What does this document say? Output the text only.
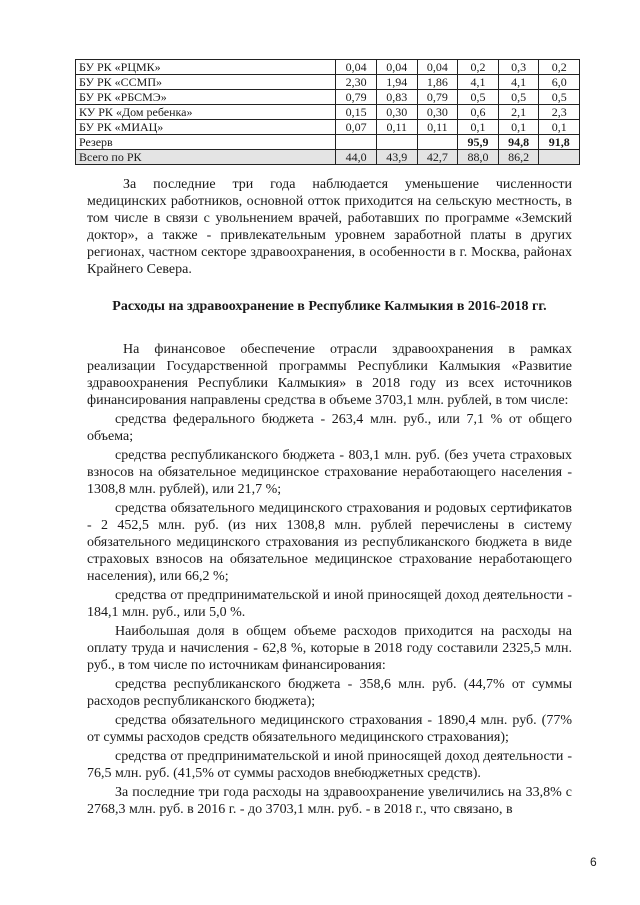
БУ РК «РЦМК»	0,04	0,04	0,04	0,2	0,3	0,2
БУ РК «ССМП»	2,30	1,94	1,86	4,1	4,1	6,0
БУ РК «РБСМЭ»	0,79	0,83	0,79	0,5	0,5	0,5
КУ РК «Дом ребенка»	0,15	0,30	0,30	0,6	2,1	2,3
БУ РК «МИАЦ»	0,07	0,11	0,11	0,1	0,1	0,1
Резерв				95,9	94,8	91,8
Всего по РК	44,0	43,9	42,7	88,0	86,2	

За последние три года наблюдается уменьшение численности медицинских работников, основной отток приходится на сельскую местность, в том числе в связи с увольнением врачей, работавших по программе «Земский доктор», а также - привлекательным уровнем заработной платы в других регионах, частном секторе здравоохранения, в особенности в г. Москва, районах Крайнего Севера.

Расходы на здравоохранение в Республике Калмыкия в 2016-2018 гг.

На финансовое обеспечение отрасли здравоохранения в рамках реализации Государственной программы Республики Калмыкия «Развитие здравоохранения Республики Калмыкия» в 2018 году из всех источников финансирования направлены средства в объеме 3703,1 млн. рублей, в том числе:

средства федерального бюджета - 263,4 млн. руб., или 7,1 % от общего объема;

средства республиканского бюджета - 803,1 млн. руб. (без учета страховых взносов на обязательное медицинское страхование неработающего населения - 1308,8 млн. рублей), или 21,7 %;

средства обязательного медицинского страхования и родовых сертификатов - 2 452,5 млн. руб. (из них 1308,8 млн. рублей перечислены в систему обязательного медицинского страхования из республиканского бюджета в виде страховых взносов на обязательное медицинское страхование неработающего населения), или 66,2 %;

средства от предпринимательской и иной приносящей доход деятельности - 184,1 млн. руб., или 5,0 %.

Наибольшая доля в общем объеме расходов приходится на расходы на оплату труда и начисления - 62,8 %, которые в 2018 году составили 2325,5 млн. руб., в том числе по источникам финансирования:

средства республиканского бюджета - 358,6 млн. руб. (44,7% от суммы расходов республиканского бюджета);

средства обязательного медицинского страхования - 1890,4 млн. руб. (77% от суммы расходов средств обязательного медицинского страхования);

средства от предпринимательской и иной приносящей доход деятельности - 76,5 млн. руб. (41,5% от суммы расходов внебюджетных средств).

За последние три года расходы на здравоохранение увеличились на 33,8% с 2768,3 млн. руб. в 2016 г. - до 3703,1 млн. руб. - в 2018 г., что связано, в

6
